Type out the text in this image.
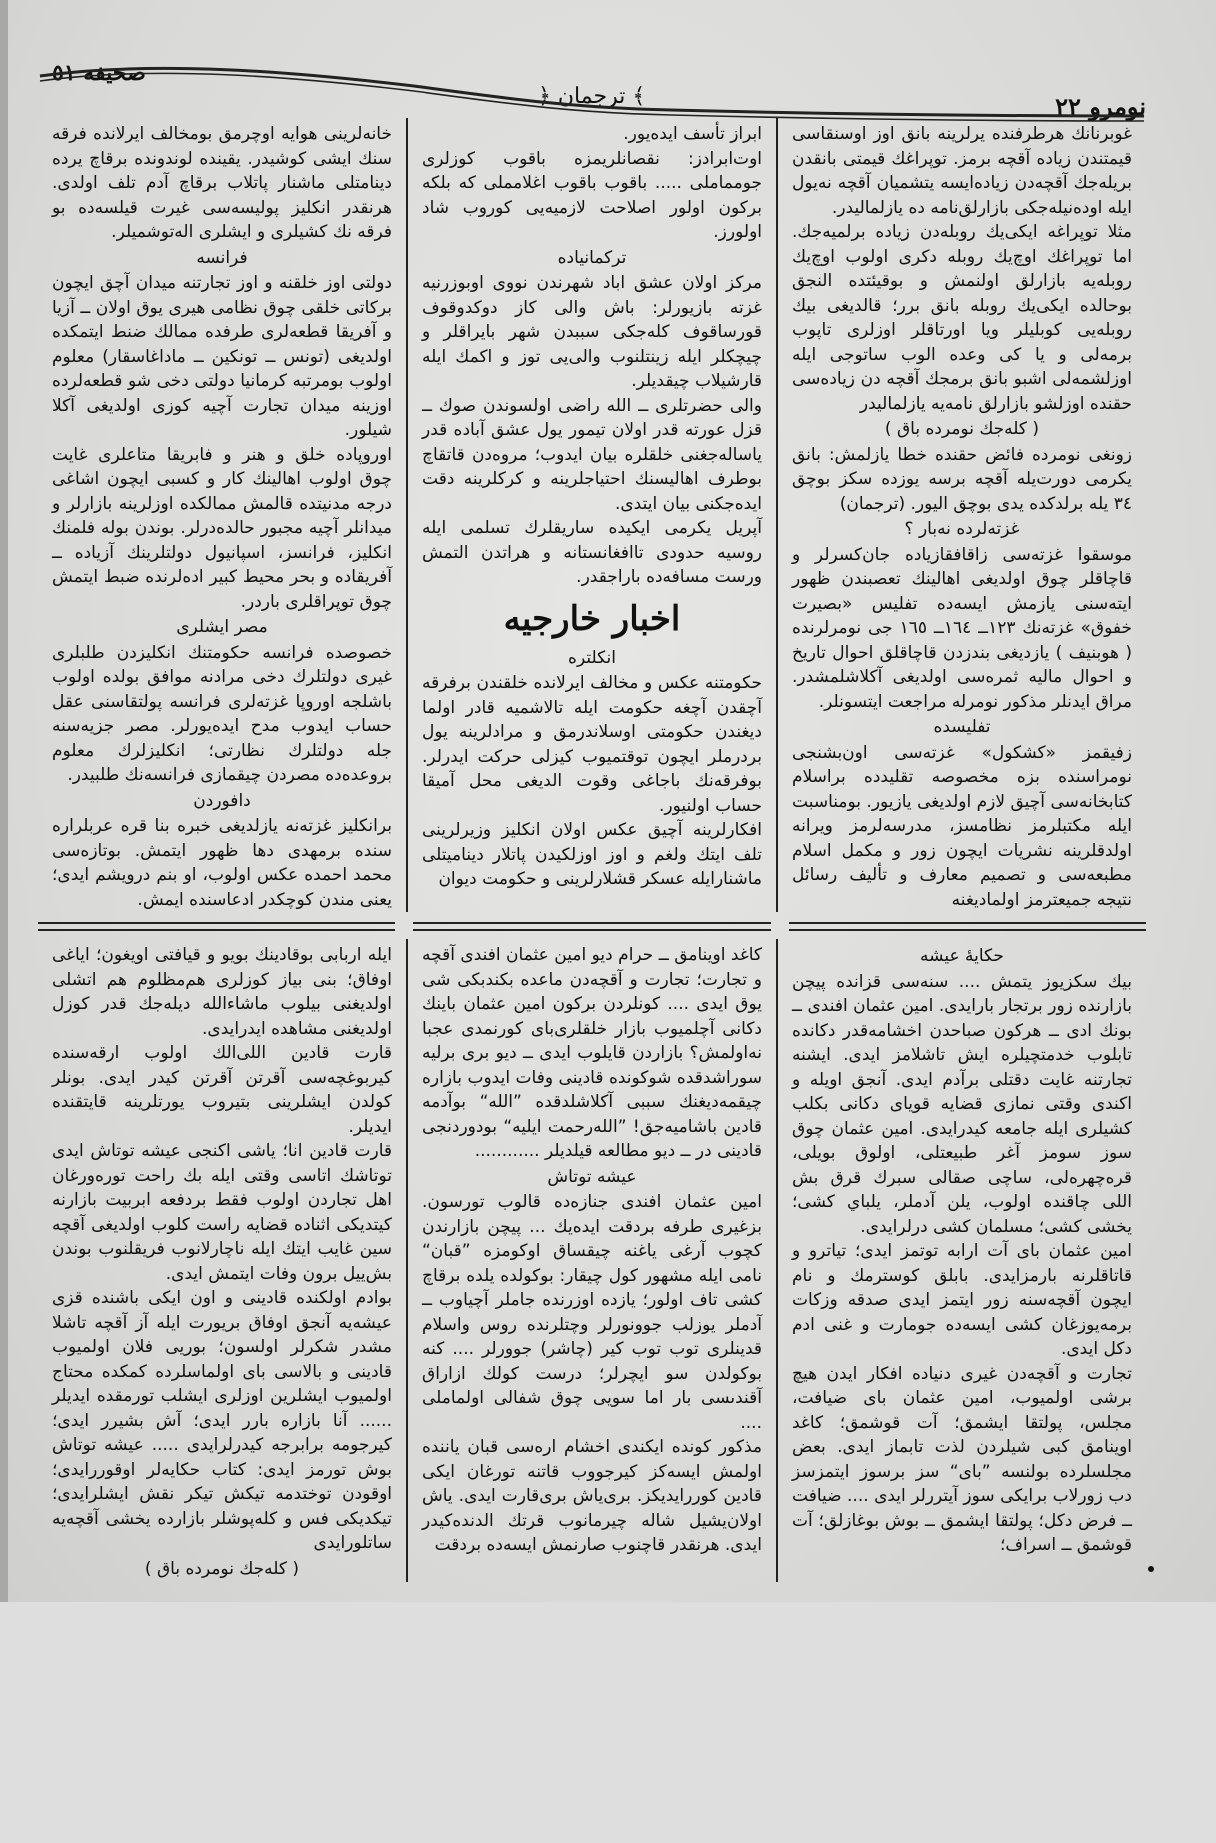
صحيفه ٥١
﴿ ترجمان ﴾	نومرو ٢٢

غوبرنانك هرطرفنده يرلرينه بانق اوز اوسنقاسى قيمتندن زياده آقچه برمز. توپراغك قيمتى بانقدن بريله‌جك آقچه‌دن زياده‌ايسه يتشميان آقچه نه‌يول ايله اوده‌نيله‌جكى بازارلق‌نامه ده يازلماليدر.

مثلا توپراغه ايكى‌يك روبله‌دن زياده برلميه‌جك. اما توپراغك اوچ‌يك روبله دكرى اولوب اوچ‌يك روبله‌يه بازارلق اولنمش و بوقيئتده النجق بوحالده ايكى‌يك روبله بانق برر؛ قالديغى بيك روبله‌يى كوبليلر ويا اورتاقلر اوزلرى تاپوب برمه‌لى و يا كى وعده الوب ساتوجى ايله اوزلشمه‌لى اشبو بانق برمجك آقچه دن زياده‌سى حقنده اوزلشو بازارلق نامه‌يه يازلماليدر

( كله‌جك نومرده باق )

زونغى نومرده فائض حقنده خطا يازلمش: بانق يكرمى دورت‌يله آقچه برسه يوزده سكز بوچق ٣٤ يله برلدكده يدى بوچق اليور. (ترجمان)

غزته‌لرده نه‌بار ؟

موسقوا غزته‌سى زاقافقازياده جان‌كسرلر و قاچاقلر چوق اولديغى اهالينك تعصبندن ظهور ايته‌سنى يازمش ايسه‌ده تفليس «بصيرت خفوق» غزته‌نك ١٢٣ــ ١٦٤ــ ١٦٥ جى نومرلرنده ( هوبنيف ) يازديغى بندزدن قاچاقلق احوال تاريخ و احوال ماليه ثمره‌سى اولديغى آكلاشلمشدر. مراق ايدنلر مذكور نومرله مراجعت ايتسونلر.

تفليسده

زفيقمز «كشكول» غزته‌سى اون‌بشنجى نومراسنده بزه مخصوصه تقليدده براسلام كتابخانه‌سى آچيق لازم اولديغى يازيور. بومناسبت ايله مكتبلرمز نظامسز، مدرسه‌لرمز ويرانه اولدقلرينه نشريات ايچون زور و مكمل اسلام مطبعه‌سى و تصميم معارف و تأليف رسائل نتيجه جميعترمز اولماديغنه

ابراز تأسف ايده‌يور.

اوت‌ابرادز: نقصانلريمزه باقوب كوزلرى جومماملى ..... باقوب باقوب اغلامملى كه بلكه بركون اولور اصلاحت لازميه‌يى كوروب شاد اولورز.

تركمانيادە

مركز اولان عشق اباد شهرندن نووى اوبوزرنيه غزته بازيورلر: باش والى كاز دوكدوقوف قورساقوف كله‌جكى سببدن شهر بايراقلر و چيچكلر ايله زينتلنوب والى‌يى توز و اكمك ايله قارشيلاب چيقديلر.

والى حضرتلرى ــ الله راضى اولسوندن صوك ــ قزل عورته قدر اولان تيمور يول عشق آباده قدر ياساله‌جغنى خلقلره بيان ايدوب؛ مروه‌دن قاتقاچ بوطرف اهاليسنك احتياجلرينه و كركلرينه دقت ايده‌جكنى بيان ايتدى.

آپريل يكرمى ايكيده ساريقلرك تسلمى ايله روسيه حدودى تاافغانستانه و هراتدن التمش ورست مسافه‌ده باراجقدر.

اخبار خارجيه

انكلتره

حكومتنه عكس و مخالف ايرلانده خلقندن برفرقه آچقدن آچغه حكومت ايله تالاشميه قادر اولما ديغندن حكومتى اوسلاندرمق و مرادلرينه يول بردرملر ايچون توقتميوب كيزلى حركت ايدرلر. بوفرقه‌نك باجاغى وقوت الديغى محل آميقا حساب اولنيور.

افكارلرينه آچيق عكس اولان انكليز وزيرلرينى تلف ايتك ولغم و اوز اوزلكيدن پاتلار ديناميتلى ماشنارايله عسكر قشلارلرينى و حكومت ديوان

خانه‌لرينى هوايه اوچرمق بومخالف ايرلانده فرقه سنك ايشى كوشيدر. يقينده لوندونده برقاچ يرده دينامتلى ماشنار پاتلاب برقاچ آدم تلف اولدى. هرنقدر انكليز پوليسه‌سى غيرت قيلسه‌ده بو فرقه نك كشيلرى و ايشلرى اله‌توشميلر.

فرانسه

دولتى اوز خلقنه و اوز تجارتنه ميدان آچق ايچون بركاتى خلقى چوق نظامى هيرى يوق اولان ــ آزيا و آفريقا قطعه‌لرى طرفده ممالك ضنط ايتمكده اولديغى (تونس ــ تونكين ــ ماداغاسقار) معلوم اولوب بومرتبه كرمانيا دولتى دخى شو قطعه‌لرده اوزينه ميدان تجارت آچيه كوزى اولديغى آكلا شيلور.

اوروپاده خلق و هنر و فابريقا متاعلرى غايت چوق اولوب اهالينك كار و كسبى ايچون اشاغى درجه مدنيتده قالمش ممالكده اوزلرينه بازارلر و ميدانلر آچيه مجبور حالده‌درلر. بوندن بوله فلمنك انكليز، فرانسز، اسپانيول دولتلرينك آزياده ــ آفريقاده و بحر محيط كبير ادەلرنده ضبط ايتمش چوق توپراقلرى باردر.

مصر ايشلرى

خصوصده فرانسه حكومتنك انكليزدن طلبلرى غيرى دولتلرك دخى مرادنه موافق بولده اولوب باشلجه اوروپا غزته‌لرى فرانسه پولتقاسنى عقل حساب ايدوب مدح ايده‌يورلر. مصر جزيه‌سنه جله دولتلرك نظارتى؛ انكليزلرك معلوم بروعده‌ده مصردن چيقمازى فرانسه‌نك طلبيدر.

دافوردن

برانكليز غزته‌نه يازلديغى خبره بنا قره عربلراره سنده برمهدى دها ظهور ايتمش. بوتازه‌سى محمد احمده عكس اولوب، او بنم درويشم ايدى؛ يعنى مندن كوچكدر ادعاسنده ايمش.

حكايهٔ عيشه

بيك سكزيوز يتمش .... سنه‌سى قزانده پيچن بازارنده زور برتجار بارايدى. امين عثمان افندى ــ بونك ادى ــ هركون صباحدن اخشامه‌قدر دكانده تابلوب خدمتچيلره ايش تاشلامز ايدى. ايشنه تجارتنه غايت دقتلى برآدم ايدى. آنجق اويله و اكندى وقتى نمازى قضايه قوياى دكانى بكلب كشيلرى ايله جامعه كيدرايدى. امين عثمان چوق سوز سومز آغر طبيعتلى، اولوق بويلى، قره‌چهره‌لى، ساچى صقالى سبرك قرق بش اللى چاقنده اولوب، يلن آدملر، يلباي كشى؛ يخشى كشى؛ مسلمان كشى درلرايدى.

امين عثمان باى آت ارابه توتمز ايدى؛ تياترو و قاتاقلرنه بارمزايدى. بابلق كوسترمك و نام ايچون آقچه‌سنه زور ايتمز ايدى صدقه وزكات برمه‌يوزغان كشى ايسه‌ده جومارت و غنى ادم دكل ايدى.

تجارت و آقچه‌دن غيرى دنياده افكار ايدن هيچ برشى اولميوب، امين عثمان باى ضيافت، مجلس، پولتقا ايشمق؛ آت قوشمق؛ كاغد اوينامق كبى شيلردن لذت تابماز ايدى. بعض مجلسلرده بولنسه ”باى“ سز برسوز ايتمزسز دب زورلاب برايكى سوز آيتررلر ايدى .... ضيافت ــ فرض دكل؛ پولتقا ايشمق ــ بوش بوغازلق؛ آت قوشمق ــ اسراف؛

كاغد اوينامق ــ حرام ديو امين عثمان افندى آقچه و تجارت؛ تجارت و آقچه‌دن ماعده بكندبكى شى يوق ايدى .... كونلردن بركون امين عثمان باينك دكانى آچلميوب بازار خلقلرى‌باى كورنمدى عجبا نه‌اولمش؟ بازاردن قايلوب ايدى ــ ديو برى برليه سوراشدقده شوكونده قادينى وفات ايدوب بازاره چيقمه‌ديغنك سببى آكلاشلدقده ”الله“ بوآدمه قادين باشاميه‌جق! ”الله‌رحمت ايليه“ بودوردنجى قادينى در ــ ديو مطالعه قيلديلر ............

عيشه توتاش

امين عثمان افندى جنازه‌ده قالوب تورسون. بزغيرى طرفه بردقت ايده‌يك ... پيچن بازارندن كچوب آرغى ياغنه چيقساق اوكومزه ”قبان“ نامى ايله مشهور كول چيقار: بوكولده يلده برقاچ كشى تاف اولور؛ يازده اوزرنده جاملر آچياوب ــ آدملر يوزلب جوونورلر وچتلرنده روس واسلام قدينلرى توب توب كير (چاشر) جوورلر .... كنه بوكولدن سو ايچرلر؛ درست كولك ازاراق آقندىسى بار اما سويى چوق شفالى اولماملى ....

مذكور كونده ايكندى اخشام اره‌سى قبان ياننده اولمش ايسه‌كز كيرجووب قاتنه تورغان ايكى قادين كوررايديكز. برى‌ياش برى‌قارت ايدى. ياش اولان‌يشيل شاله چيرمانوب قرتك الدنده‌كيدر ايدى. هرنقدر قاچنوب صارنمش ايسه‌ده بردقت

ايله اربابى بوقادينك بويو و قيافتى اويغون؛ اياغى اوفاق؛ بنى بياز كوزلرى هم‌مظلوم هم اتشلى اولديغنى بيلوب ماشاءالله ديله‌جك قدر كوزل اولديغنى مشاهده ايدرايدى.

قارت قادين اللى‌الك اولوب ارقه‌سنده كيربوغچه‌سى آقرتن آقرتن كيدر ايدى. بونلر كولدن ايشلرينى بتيروب يورتلرينه قايتقنده ايديلر.

قارت قادين انا؛ ياشى اكنجى عيشه توتاش ايدى توتاشك اتاسى وقتى ايله بك راحت توره‌ورغان اهل تجاردن اولوب فقط بردفعه ابربيت بازارنه كيتديكى اثناده قضايه راست كلوب اولديغى آقچه سين غايب ايتك ايله ناچارلانوب فريقلنوب بوندن بش‌ييل برون وفات ايتمش ايدى.

بوادم اولكنده قادينى و اون ايكى باشنده قزى عيشه‌يه آنجق اوفاق بريورت ايله آز آقچه تاشلا مشدر شكرلر اولسون؛ بوريى فلان اولميوب قادينى و بالاسى باى اولماسلرده كمكده محتاج اولميوب ايشلرين اوزلرى ايشلب تورمقده ايديلر ...... آنا بازاره بارر ايدى؛ آش بشيرر ايدى؛ كيرجومه برابرجه كيدرلرايدى ..... عيشه توتاش بوش تورمز ايدى: كتاب حكايه‌لر اوقوررايدى؛ اوقودن توختدمه تيكش تيكر نقش ايشلرايدى؛ تيكديكى فس و كله‌پوشلر بازارده يخشى آقچه‌يه ساتلورايدى

( كله‌جك نومرده باق )
